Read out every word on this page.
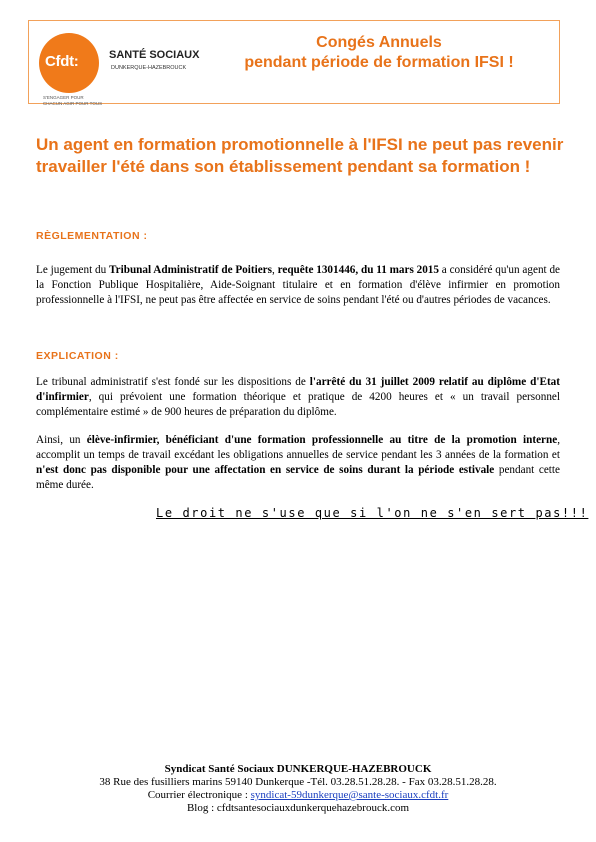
Cfdt:	SANTÉ SOCIAUX
DUNKERQUE-HAZEBROUCK
S'ENGAGER POUR CHACUN AGIR POUR TOUS
Congés Annuels
pendant période de formation IFSI !
Un agent en formation promotionnelle à l'IFSI ne peut pas revenir travailler l'été dans son établissement pendant sa formation !
RÈGLEMENTATION :
Le jugement du Tribunal Administratif de Poitiers, requête 1301446, du 11 mars 2015 a considéré qu'un agent de la Fonction Publique Hospitalière, Aide-Soignant titulaire et en formation d'élève infirmier en promotion professionnelle à l'IFSI, ne peut pas être affectée en service de soins pendant l'été ou d'autres périodes de vacances.
EXPLICATION :
Le tribunal administratif s'est fondé sur les dispositions de l'arrêté du 31 juillet 2009 relatif au diplôme d'Etat d'infirmier, qui prévoient une formation théorique et pratique de 4200 heures et « un travail personnel complémentaire estimé » de 900 heures de préparation du diplôme.
Ainsi, un élève-infirmier, bénéficiant d'une formation professionnelle au titre de la promotion interne, accomplit un temps de travail excédant les obligations annuelles de service pendant les 3 années de la formation et n'est donc pas disponible pour une affectation en service de soins durant la période estivale pendant cette même durée.
Le droit ne s'use que si l'on ne s'en sert pas!!!
Syndicat Santé Sociaux DUNKERQUE-HAZEBROUCK
38 Rue des fusilliers marins 59140 Dunkerque -Tél. 03.28.51.28.28. - Fax 03.28.51.28.28.
Courrier électronique : syndicat-59dunkerque@sante-sociaux.cfdt.fr
Blog : cfdtsantesociauxdunkerquehazebrouck.com
